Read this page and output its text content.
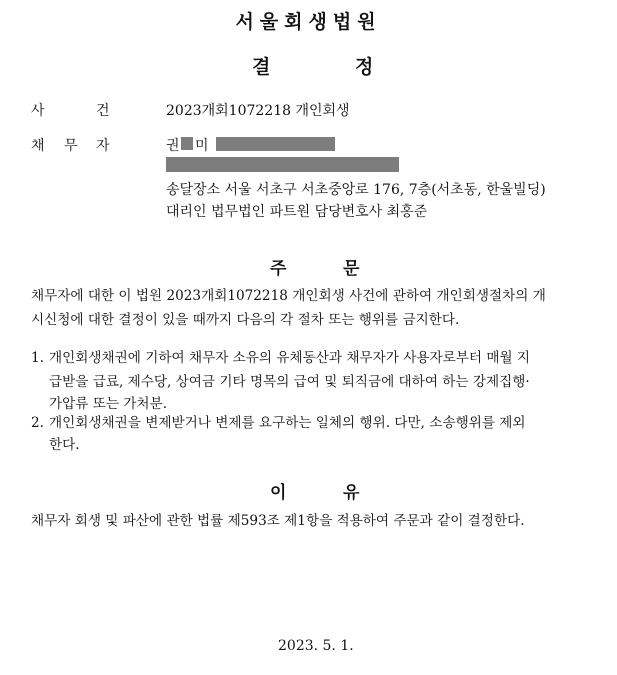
서울회생법원
결	정
사	건	2023개회1072218 개인회생
채 무 자	권 미
송달장소 서울 서초구 서초중앙로 176, 7층(서초동, 한울빌딩)
대리인 법무법인 파트원 담당변호사 최홍준
주	문
채무자에 대한 이 법원 2023개회1072218 개인회생 사건에 관하여 개인회생절차의 개
시신청에 대한 결정이 있을 때까지 다음의 각 절차 또는 행위를 금지한다.
1. 개인회생채권에 기하여 채무자 소유의 유체동산과 채무자가 사용자로부터 매월 지
급받을 급료, 제수당, 상여금 기타 명목의 급여 및 퇴직금에 대하여 하는 강제집행·
가압류 또는 가처분.
2. 개인회생채권을 변제받거나 변제를 요구하는 일체의 행위. 다만, 소송행위를 제외
한다.
이	유
채무자 회생 및 파산에 관한 법률 제593조 제1항을 적용하여 주문과 같이 결정한다.
2023. 5. 1.
